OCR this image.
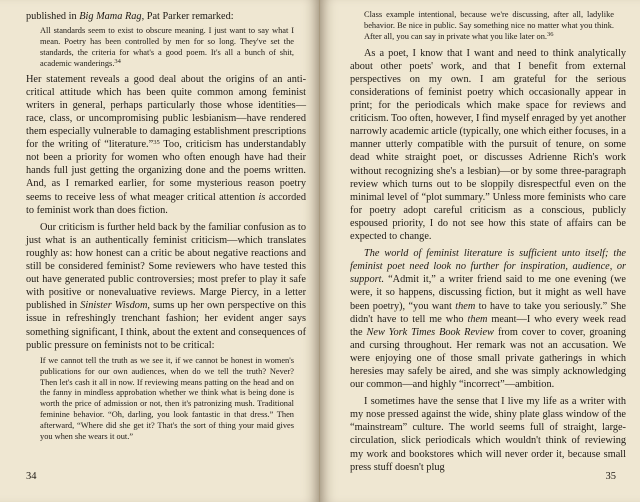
published in Big Mama Rag, Pat Parker remarked:

All standards seem to exist to obscure meaning. I just want to say what I mean. Poetry has been controlled by men for so long. They've set the standards, the criteria for what's a good poem. It's all a bunch of shit, academic wanderings.$^{34}$

Her statement reveals a good deal about the origins of an anti-critical attitude which has been quite common among feminist writers in general, perhaps particularly those whose identities—race, class, or uncompromising public lesbianism—have rendered them especially vulnerable to damaging establishment prescriptions for the writing of “literature.”$^{35}$ Too, criticism has understandably not been a priority for women who often enough have had their hands full just getting the organizing done and the poems written. And, as I remarked earlier, for some mysterious reason poetry seems to receive less of what meager critical attention is accorded to feminist work than does fiction.

Our criticism is further held back by the familiar confusion as to just what is an authentically feminist criticism—which translates roughly as: how honest can a critic be about negative reactions and still be considered feminist? Some reviewers who have tested this out have generated public controversies; most prefer to play it safe with positive or nonevaluative reviews. Marge Piercy, in a letter published in Sinister Wisdom, sums up her own perspective on this issue in refreshingly trenchant fashion; her evident anger says something significant, I think, about the extent and consequences of public pressure on feminists not to be critical:

If we cannot tell the truth as we see it, if we cannot be honest in women's publications for our own audiences, when do we tell the truth? Never? Then let's cash it all in now. If reviewing means patting on the head and on the fanny in mindless approbation whether we think what is being done is worth the price of admission or not, then it's patronizing mush. Traditional feminine behavior. “Oh, darling, you look fantastic in that dress.” Then afterward, “Where did she get it? That's the sort of thing your maid gives you when she wears it out.”

34

Class example intentional, because we're discussing, after all, ladylike behavior. Be nice in public. Say something nice no matter what you think. After all, you can say in private what you like later on.$^{36}$

As a poet, I know that I want and need to think analytically about other poets' work, and that I benefit from external perspectives on my own. I am grateful for the serious considerations of feminist poetry which occasionally appear in print; for the periodicals which make space for reviews and criticism. Too often, however, I find myself enraged by yet another narrowly academic article (typically, one which either focuses, in a manner utterly compatible with the pursuit of tenure, on some dead white straight poet, or discusses Adrienne Rich's work without recognizing she's a lesbian)—or by some three-paragraph review which turns out to be sloppily disrespectful even on the minimal level of “plot summary.” Unless more feminists who care for poetry adopt careful criticism as a conscious, publicly espoused priority, I do not see how this state of affairs can be expected to change.

The world of feminist literature is sufficient unto itself; the feminist poet need look no further for inspiration, audience, or support. “Admit it,” a writer friend said to me one evening (we were, it so happens, discussing fiction, but it might as well have been poetry), “you want them to have to take you seriously.” She didn't have to tell me who them meant—I who every week read the New York Times Book Review from cover to cover, groaning and cursing throughout. Her remark was not an accusation. We were enjoying one of those small private gatherings in which heresies may safely be aired, and she was simply acknowledging our common—and highly “incorrect”—ambition.

I sometimes have the sense that I live my life as a writer with my nose pressed against the wide, shiny plate glass window of the “mainstream” culture. The world seems full of straight, large-circulation, slick periodicals which wouldn't think of reviewing my work and bookstores which will never order it, because small press stuff doesn't plug

35
